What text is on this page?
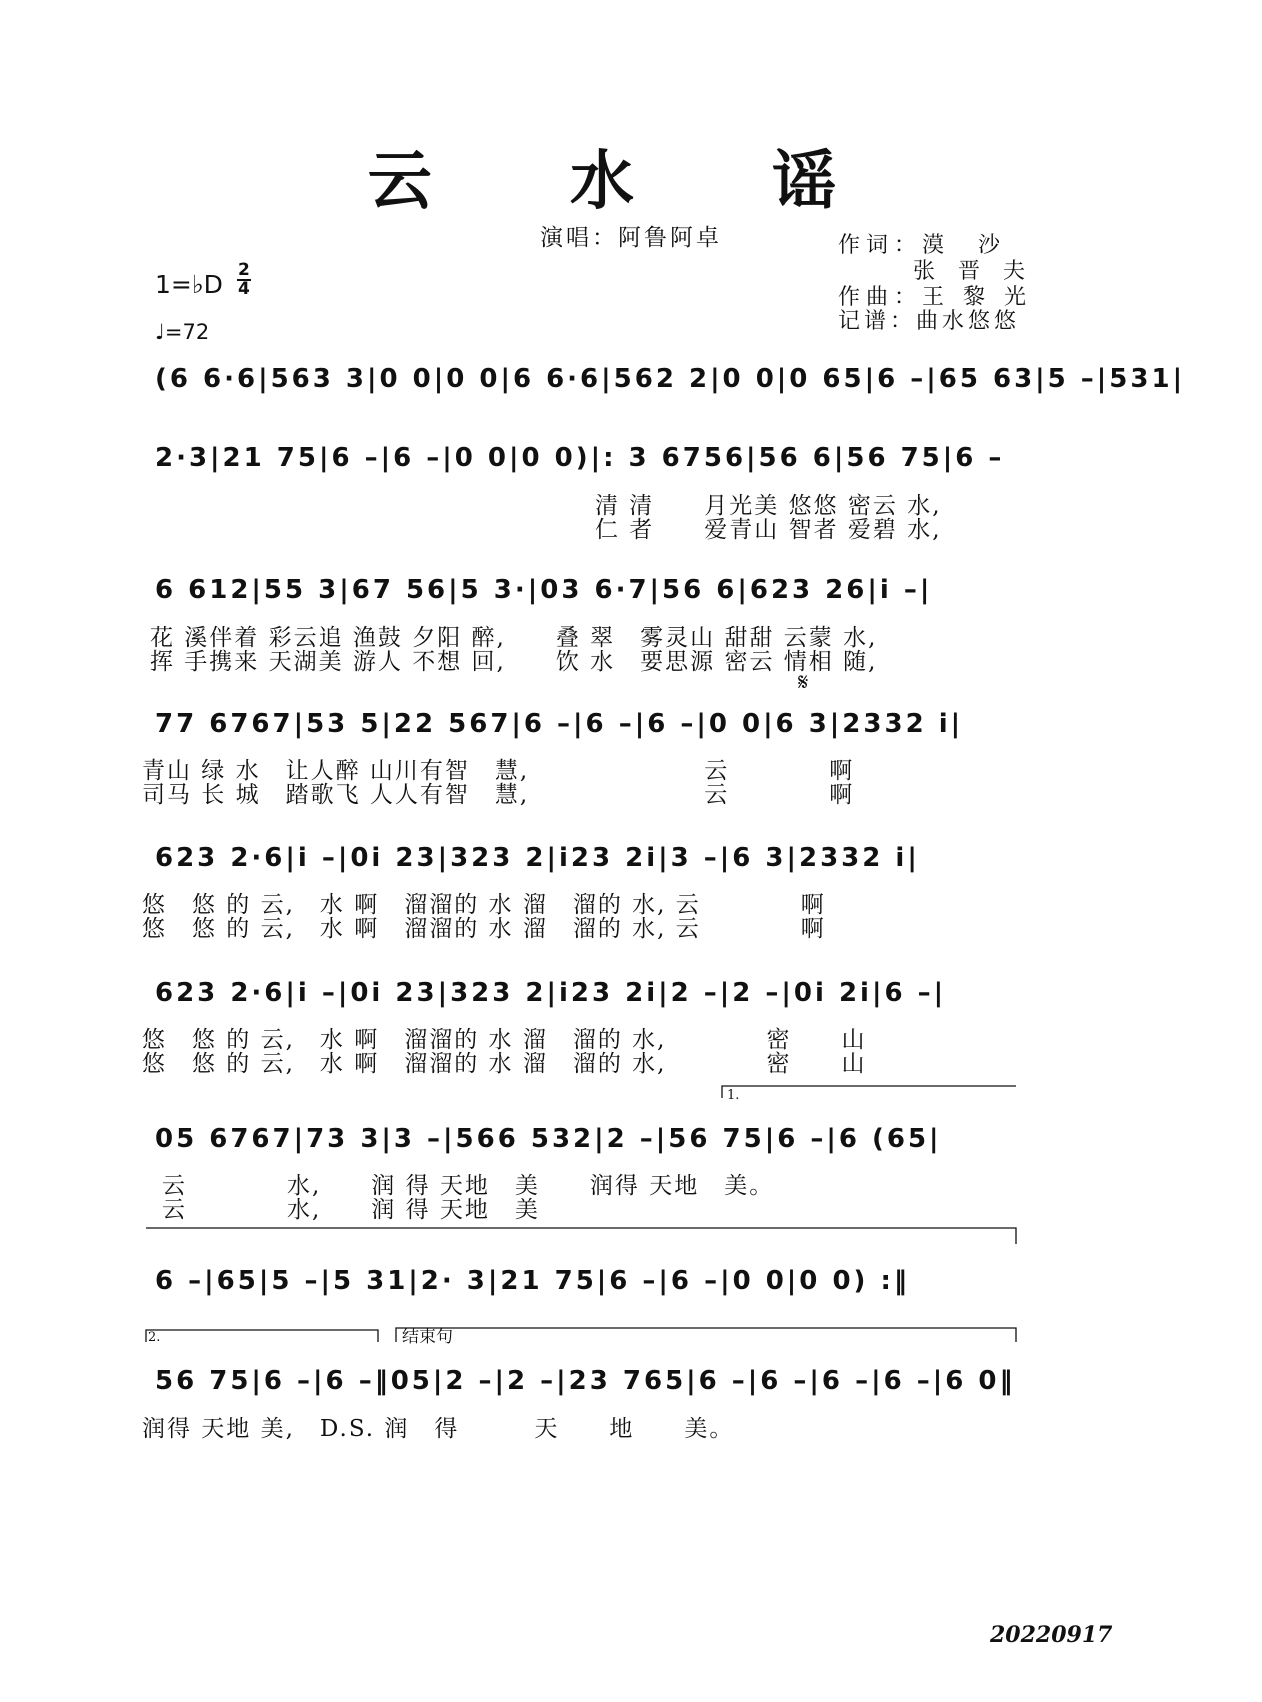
云 水 谣
演唱：阿鲁阿卓	作词：漠　沙
张 晋 夫
作曲：王 黎 光
记谱：曲水悠悠
1=♭D $\frac{2}{4}$
♩=72
(6 6·6|563 3|0 0|0 0|6 6·6|562 2|0 0|0 65|6 –|65 63|5 –|531|
2·3|21 75|6 –|6 –|0 0|0 0)|: 3 6756|56 6|56 75|6 –
清 清　　月光美 悠悠 密云 水,
仁 者　　爱青山 智者 爱碧 水,
6 612|55 3|67 56|5 3·|03 6·7|56 6|623 26|i –|
花 溪伴着 彩云追 渔鼓 夕阳 醉,　　叠 翠　雾灵山 甜甜 云蒙 水,
挥 手携来 天湖美 游人 不想 回,　　饮 水　要思源 密云 情相 随,
𝄋
77 6767|53 5|22 567|6 –|6 –|6 –|0 0|6 3|2332 i|
青山 绿 水　让人醉 山川有智　慧,　　　　　　　云　　　　啊
司马 长 城　踏歌飞 人人有智　慧,　　　　　　　云　　　　啊
623 2·6|i –|0i 23|323 2|i23 2i|3 –|6 3|2332 i|
悠　悠 的 云,　水 啊　溜溜的 水 溜　溜的 水, 云　　　　啊
悠　悠 的 云,　水 啊　溜溜的 水 溜　溜的 水, 云　　　　啊
623 2·6|i –|0i 23|323 2|i23 2i|2 –|2 –|0i 2i|6 –|
悠　悠 的 云,　水 啊　溜溜的 水 溜　溜的 水,　　　　密　　山
悠　悠 的 云,　水 啊　溜溜的 水 溜　溜的 水,　　　　密　　山
1.
05 6767|73 3|3 –|566 532|2 –|56 75|6 –|6 (65|
云　　　　水,　　润 得 天地　美　　润得 天地　美。
云　　　　水,　　润 得 天地　美
6 –|65|5 –|5 31|2· 3|21 75|6 –|6 –|0 0|0 0) :‖
2.	结束句
56 75|6 –|6 –‖05|2 –|2 –|23 765|6 –|6 –|6 –|6 –|6 0‖
润得 天地 美,　D.S. 润　得　　　天　　地　　美。
20220917
